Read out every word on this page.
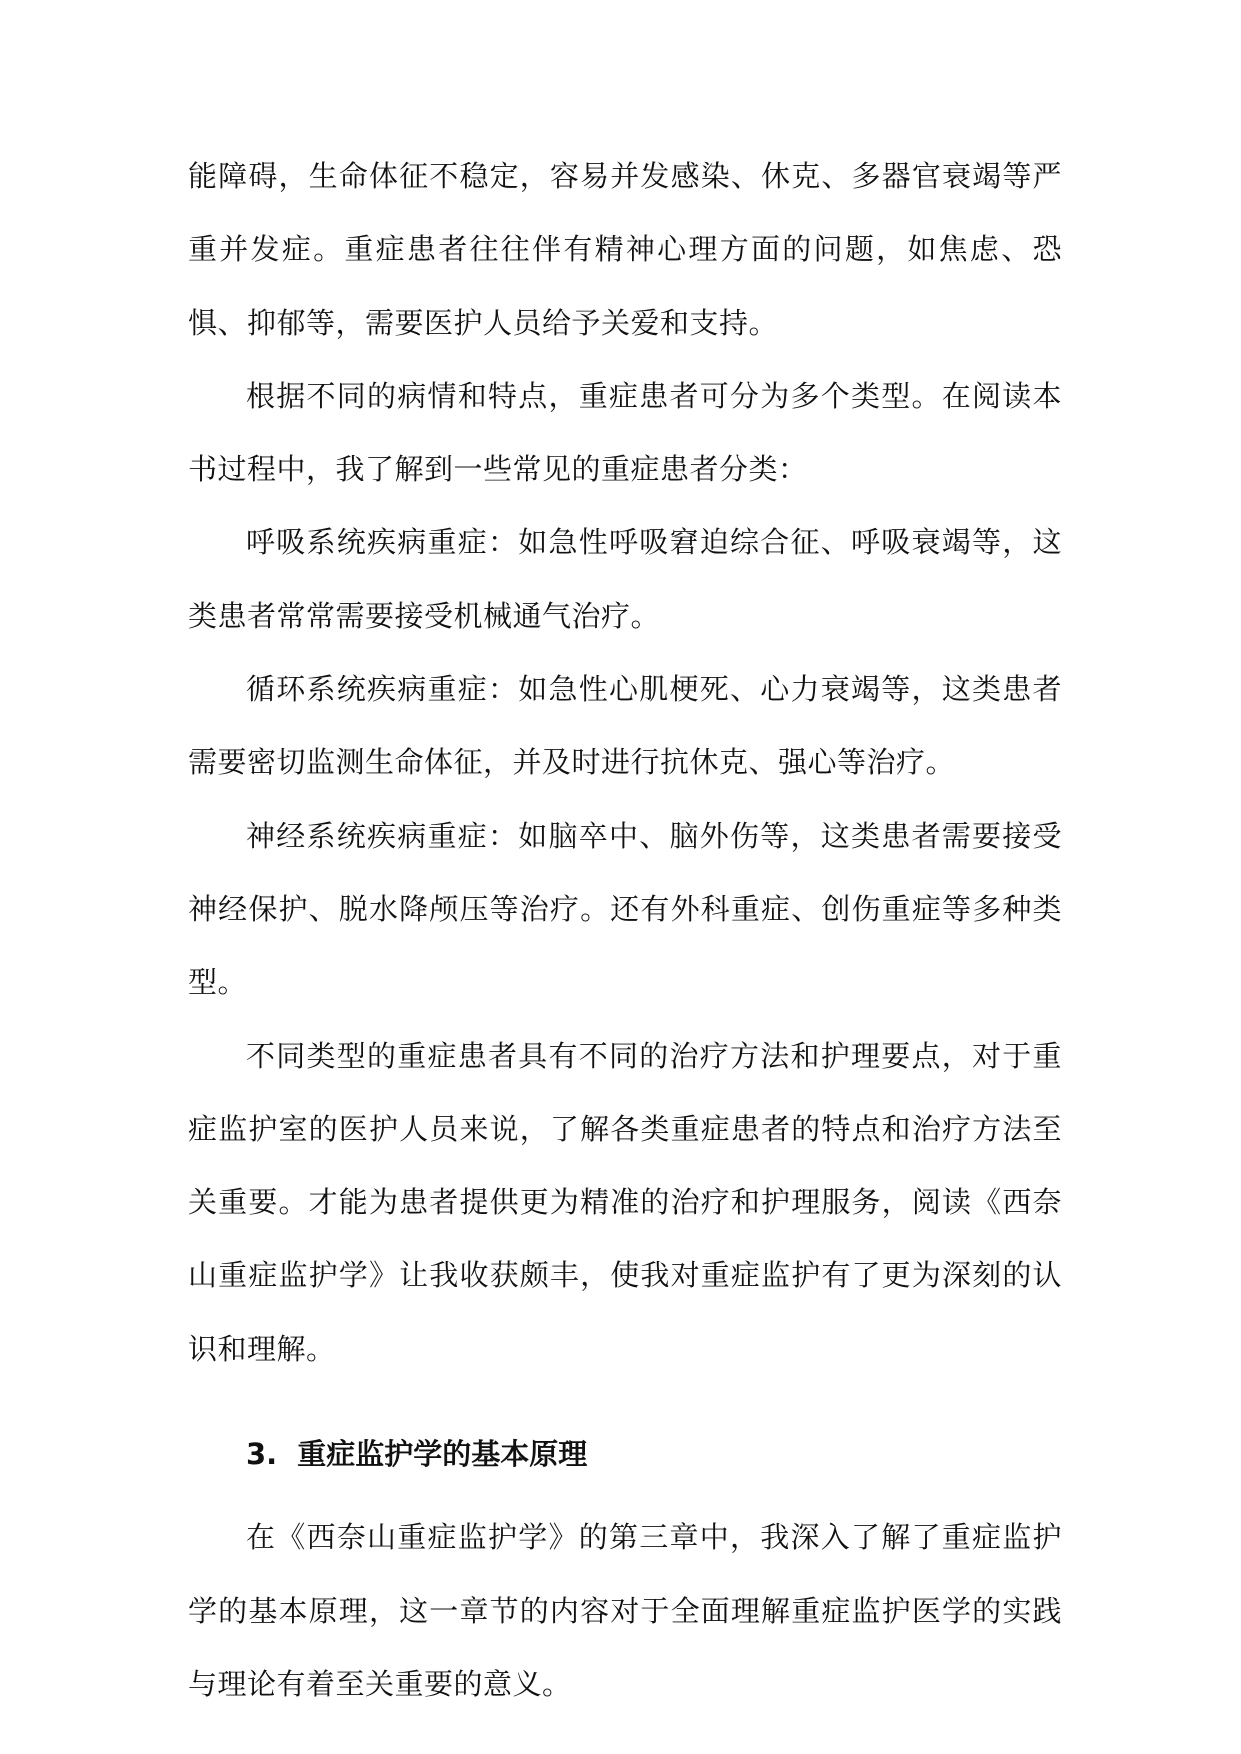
能障碍，生命体征不稳定，容易并发感染、休克、多器官衰竭等严重并发症。重症患者往往伴有精神心理方面的问题，如焦虑、恐惧、抑郁等，需要医护人员给予关爱和支持。

根据不同的病情和特点，重症患者可分为多个类型。在阅读本书过程中，我了解到一些常见的重症患者分类：

呼吸系统疾病重症：如急性呼吸窘迫综合征、呼吸衰竭等，这类患者常常需要接受机械通气治疗。

循环系统疾病重症：如急性心肌梗死、心力衰竭等，这类患者需要密切监测生命体征，并及时进行抗休克、强心等治疗。

神经系统疾病重症：如脑卒中、脑外伤等，这类患者需要接受神经保护、脱水降颅压等治疗。还有外科重症、创伤重症等多种类型。

不同类型的重症患者具有不同的治疗方法和护理要点，对于重症监护室的医护人员来说，了解各类重症患者的特点和治疗方法至关重要。才能为患者提供更为精准的治疗和护理服务，阅读《西奈山重症监护学》让我收获颇丰，使我对重症监护有了更为深刻的认识和理解。

3. 重症监护学的基本原理

在《西奈山重症监护学》的第三章中，我深入了解了重症监护学的基本原理，这一章节的内容对于全面理解重症监护医学的实践与理论有着至关重要的意义。
